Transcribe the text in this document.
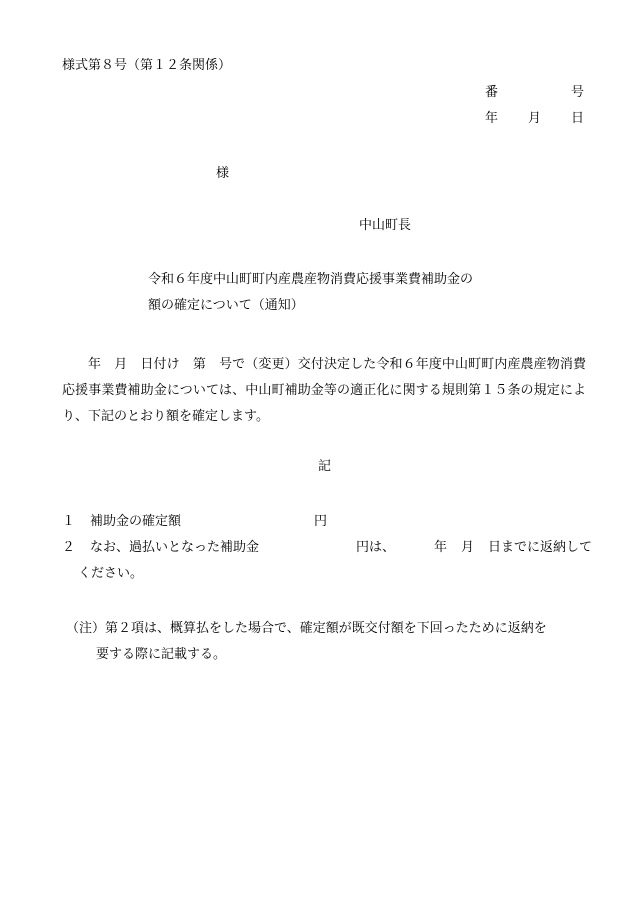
様式第８号（第１２条関係）

番

	号

年

月

日

様
中山町長
令和６年度中山町町内産農産物消費応援事業費補助金の
額の確定について（通知）
年　月　日付け　第　号で（変更）交付決定した令和６年度中山町町内産農産物消費応援事業費補助金については、中山町補助金等の適正化に関する規則第１５条の規定により、下記のとおり額を確定します。
記
１ 補助金の確定額	円
２ なお、過払いとなった補助金	円は、	年 月 日までに返納して
ください。
（注）第２項は、概算払をした場合で、確定額が既交付額を下回ったために返納を
要する際に記載する。
